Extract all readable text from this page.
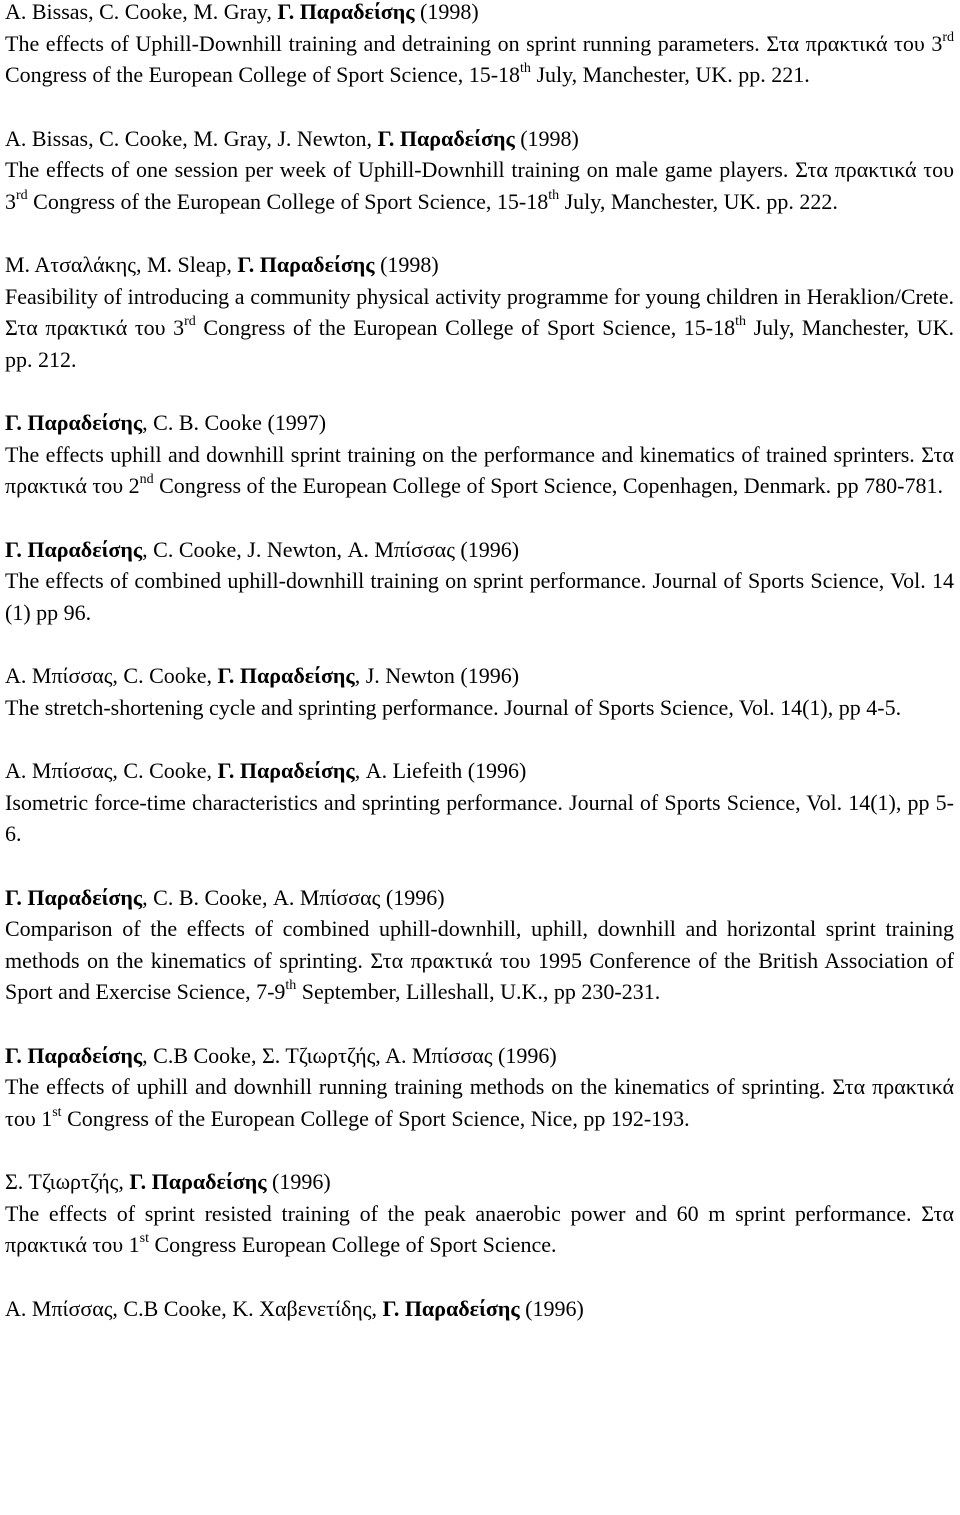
A. Bissas, C. Cooke, M. Gray, Γ. Παραδείσης (1998)
The effects of Uphill-Downhill training and detraining on sprint running parameters. Στα πρακτικά του 3rd Congress of the European College of Sport Science, 15-18th July, Manchester, UK. pp. 221.
A. Bissas, C. Cooke, M. Gray, J. Newton, Γ. Παραδείσης (1998)
The effects of one session per week of Uphill-Downhill training on male game players. Στα πρακτικά του 3rd Congress of the European College of Sport Science, 15-18th July, Manchester, UK. pp. 222.
Μ. Ατσαλάκης, M. Sleap, Γ. Παραδείσης (1998)
Feasibility of introducing a community physical activity programme for young children in Heraklion/Crete. Στα πρακτικά του 3rd Congress of the European College of Sport Science, 15-18th July, Manchester, UK. pp. 212.
Γ. Παραδείσης, C. B. Cooke (1997)
The effects uphill and downhill sprint training on the performance and kinematics of trained sprinters. Στα πρακτικά του 2nd Congress of the European College of Sport Science, Copenhagen, Denmark. pp 780-781.
Γ. Παραδείσης, C. Cooke, J. Newton, Α. Μπίσσας (1996)
The effects of combined uphill-downhill training on sprint performance. Journal of Sports Science, Vol. 14 (1) pp 96.
Α. Μπίσσας, C. Cooke, Γ. Παραδείσης, J. Newton (1996)
The stretch-shortening cycle and sprinting performance. Journal of Sports Science, Vol. 14(1), pp 4-5.
Α. Μπίσσας, C. Cooke, Γ. Παραδείσης, A. Liefeith (1996)
Isometric force-time characteristics and sprinting performance. Journal of Sports Science, Vol. 14(1), pp 5-6.
Γ. Παραδείσης, C. B. Cooke, Α. Μπίσσας (1996)
Comparison of the effects of combined uphill-downhill, uphill, downhill and horizontal sprint training methods on the kinematics of sprinting. Στα πρακτικά του 1995 Conference of the British Association of Sport and Exercise Science, 7-9th September, Lilleshall, U.K., pp 230-231.
Γ. Παραδείσης, C.B Cooke, Σ. Τζιωρτζής, Α. Μπίσσας (1996)
The effects of uphill and downhill running training methods on the kinematics of sprinting. Στα πρακτικά του 1st Congress of the European College of Sport Science, Nice, pp 192-193.
Σ. Τζιωρτζής, Γ. Παραδείσης (1996)
The effects of sprint resisted training of the peak anaerobic power and 60 m sprint performance. Στα πρακτικά του 1st Congress European College of Sport Science.
Α. Μπίσσας, C.B Cooke, Κ. Χαβενετίδης, Γ. Παραδείσης (1996)
